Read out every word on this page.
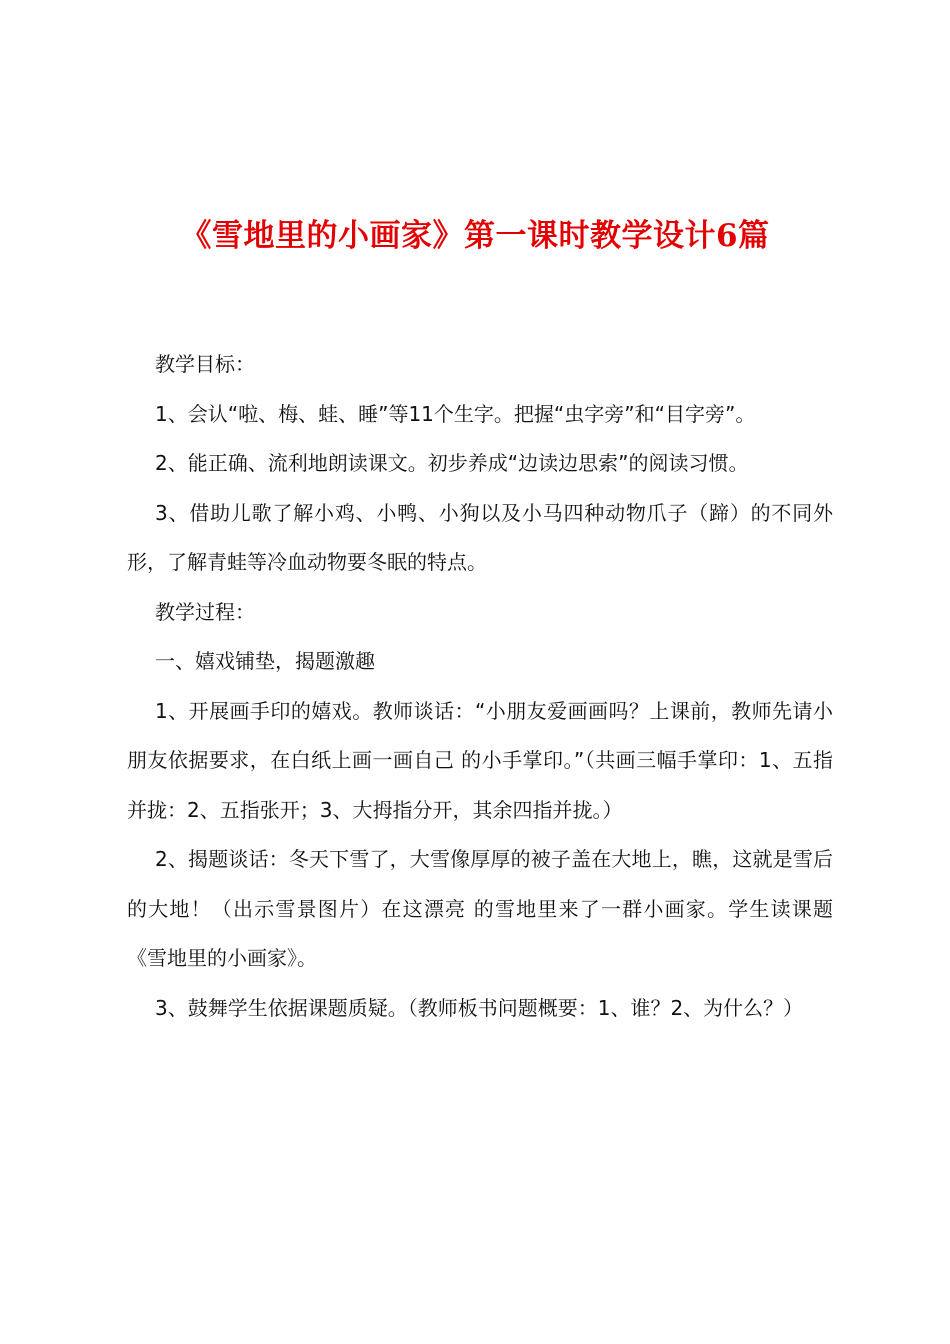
《雪地里的小画家》第一课时教学设计6篇

教学目标：

1、会认“啦、梅、蛙、睡”等11个生字。把握“虫字旁”和“目字旁”。

2、能正确、流利地朗读课文。初步养成“边读边思索”的阅读习惯。

3、借助儿歌了解小鸡、小鸭、小狗以及小马四种动物爪子（蹄）的不同外形，了解青蛙等冷血动物要冬眠的特点。

教学过程：

一、嬉戏铺垫，揭题激趣

1、开展画手印的嬉戏。教师谈话：“小朋友爱画画吗？上课前，教师先请小朋友依据要求，在白纸上画一画自己 的小手掌印。”（共画三幅手掌印：1、五指并拢：2、五指张开；3、大拇指分开，其余四指并拢。）

2、揭题谈话：冬天下雪了，大雪像厚厚的被子盖在大地上，瞧，这就是雪后的大地！（出示雪景图片）在这漂亮 的雪地里来了一群小画家。学生读课题《雪地里的小画家》。

3、鼓舞学生依据课题质疑。（教师板书问题概要：1、谁？2、为什么？）
